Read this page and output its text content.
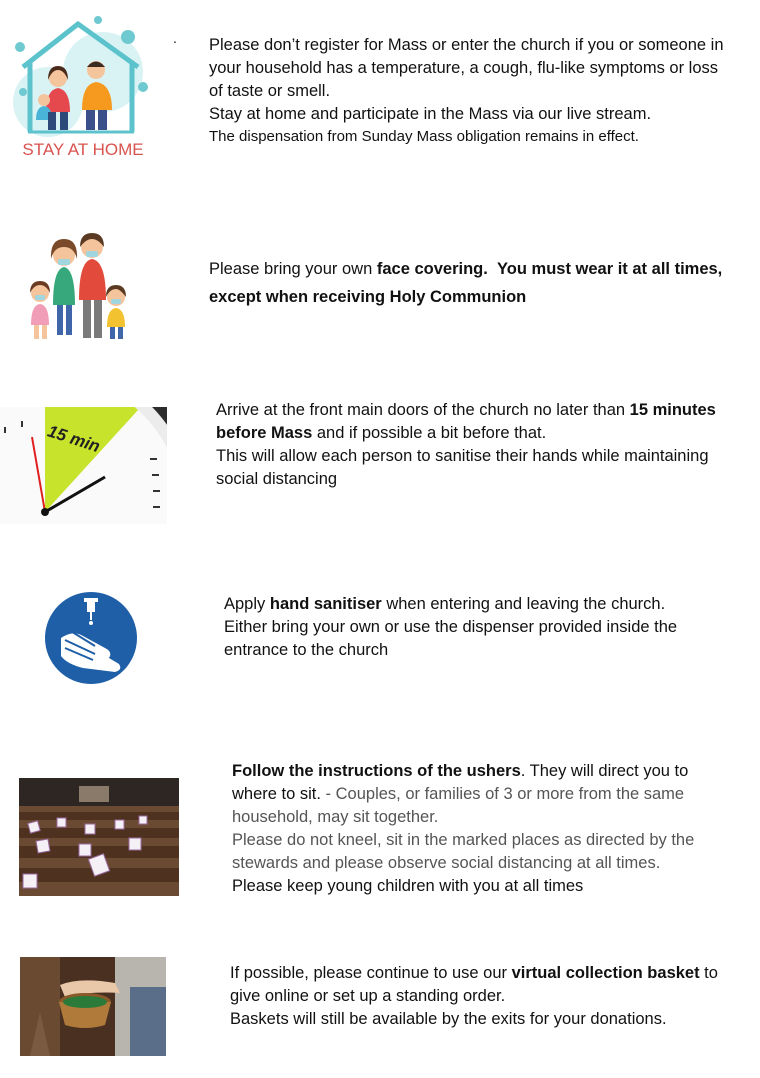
.
STAY AT HOME

Please don’t register for Mass or enter the church if you or someone in your household has a temperature, a cough, flu-like symptoms or loss of taste or smell.

Stay at home and participate in the Mass via our live stream.

The dispensation from Sunday Mass obligation remains in effect.

Please bring your own face covering. You must wear it at all times, except when receiving Holy Communion

15 min

Arrive at the front main doors of the church no later than 15 minutes before Mass and if possible a bit before that.

This will allow each person to sanitise their hands while maintaining social distancing

Apply hand sanitiser when entering and leaving the church.

Either bring your own or use the dispenser provided inside the entrance to the church

Follow the instructions of the ushers. They will direct you to where to sit. - Couples, or families of 3 or more from the same household, may sit together.

Please do not kneel, sit in the marked places as directed by the stewards and please observe social distancing at all times.

Please keep young children with you at all times

If possible, please continue to use our virtual collection basket to give online or set up a standing order.

Baskets will still be available by the exits for your donations.
